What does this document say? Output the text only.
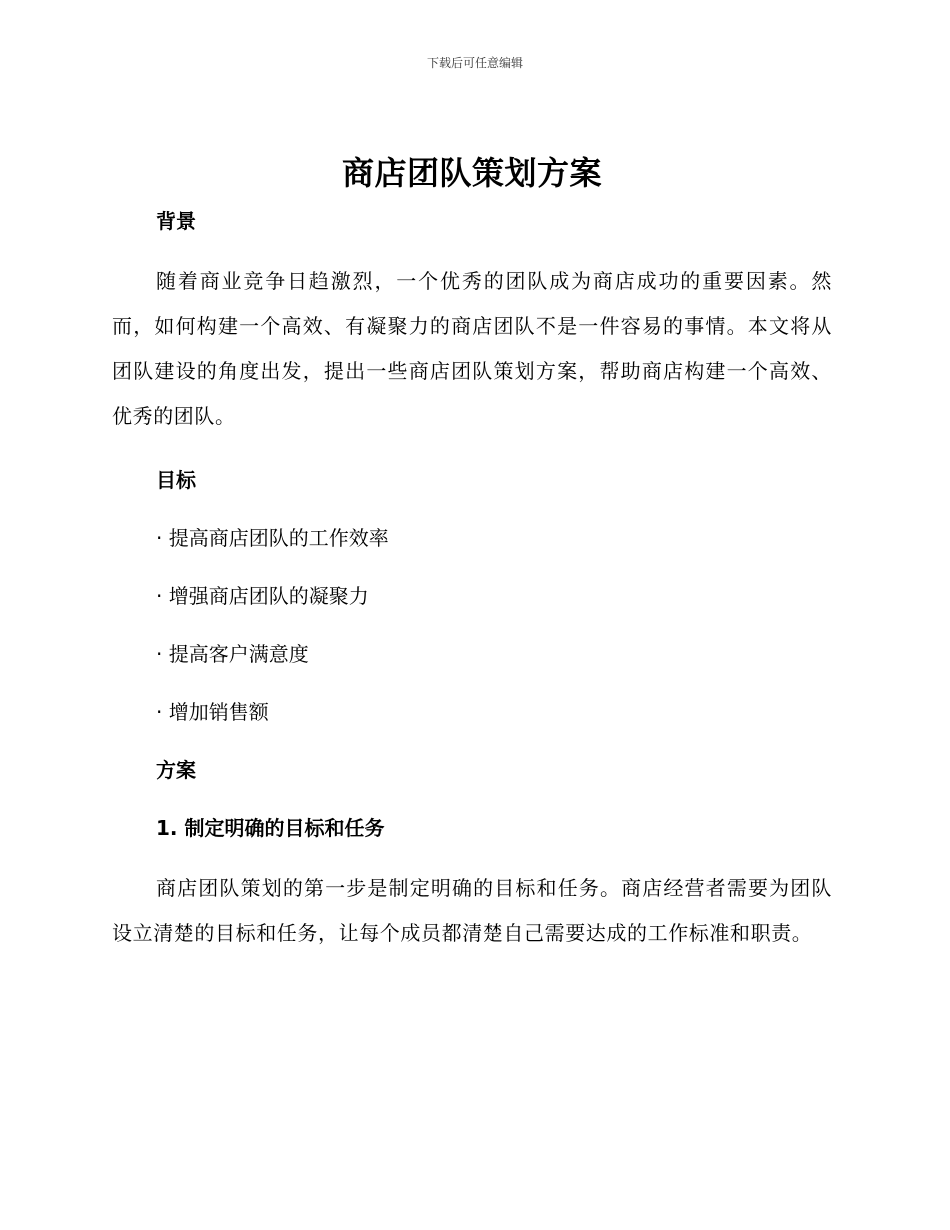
下载后可任意编辑
商店团队策划方案
背景

随着商业竞争日趋激烈，一个优秀的团队成为商店成功的重要因素。然而，如何构建一个高效、有凝聚力的商店团队不是一件容易的事情。本文将从团队建设的角度出发，提出一些商店团队策划方案，帮助商店构建一个高效、优秀的团队。

目标

· 提高商店团队的工作效率

· 增强商店团队的凝聚力

· 提高客户满意度

· 增加销售额

方案
1. 制定明确的目标和任务

商店团队策划的第一步是制定明确的目标和任务。商店经营者需要为团队设立清楚的目标和任务，让每个成员都清楚自己需要达成的工作标准和职责。
